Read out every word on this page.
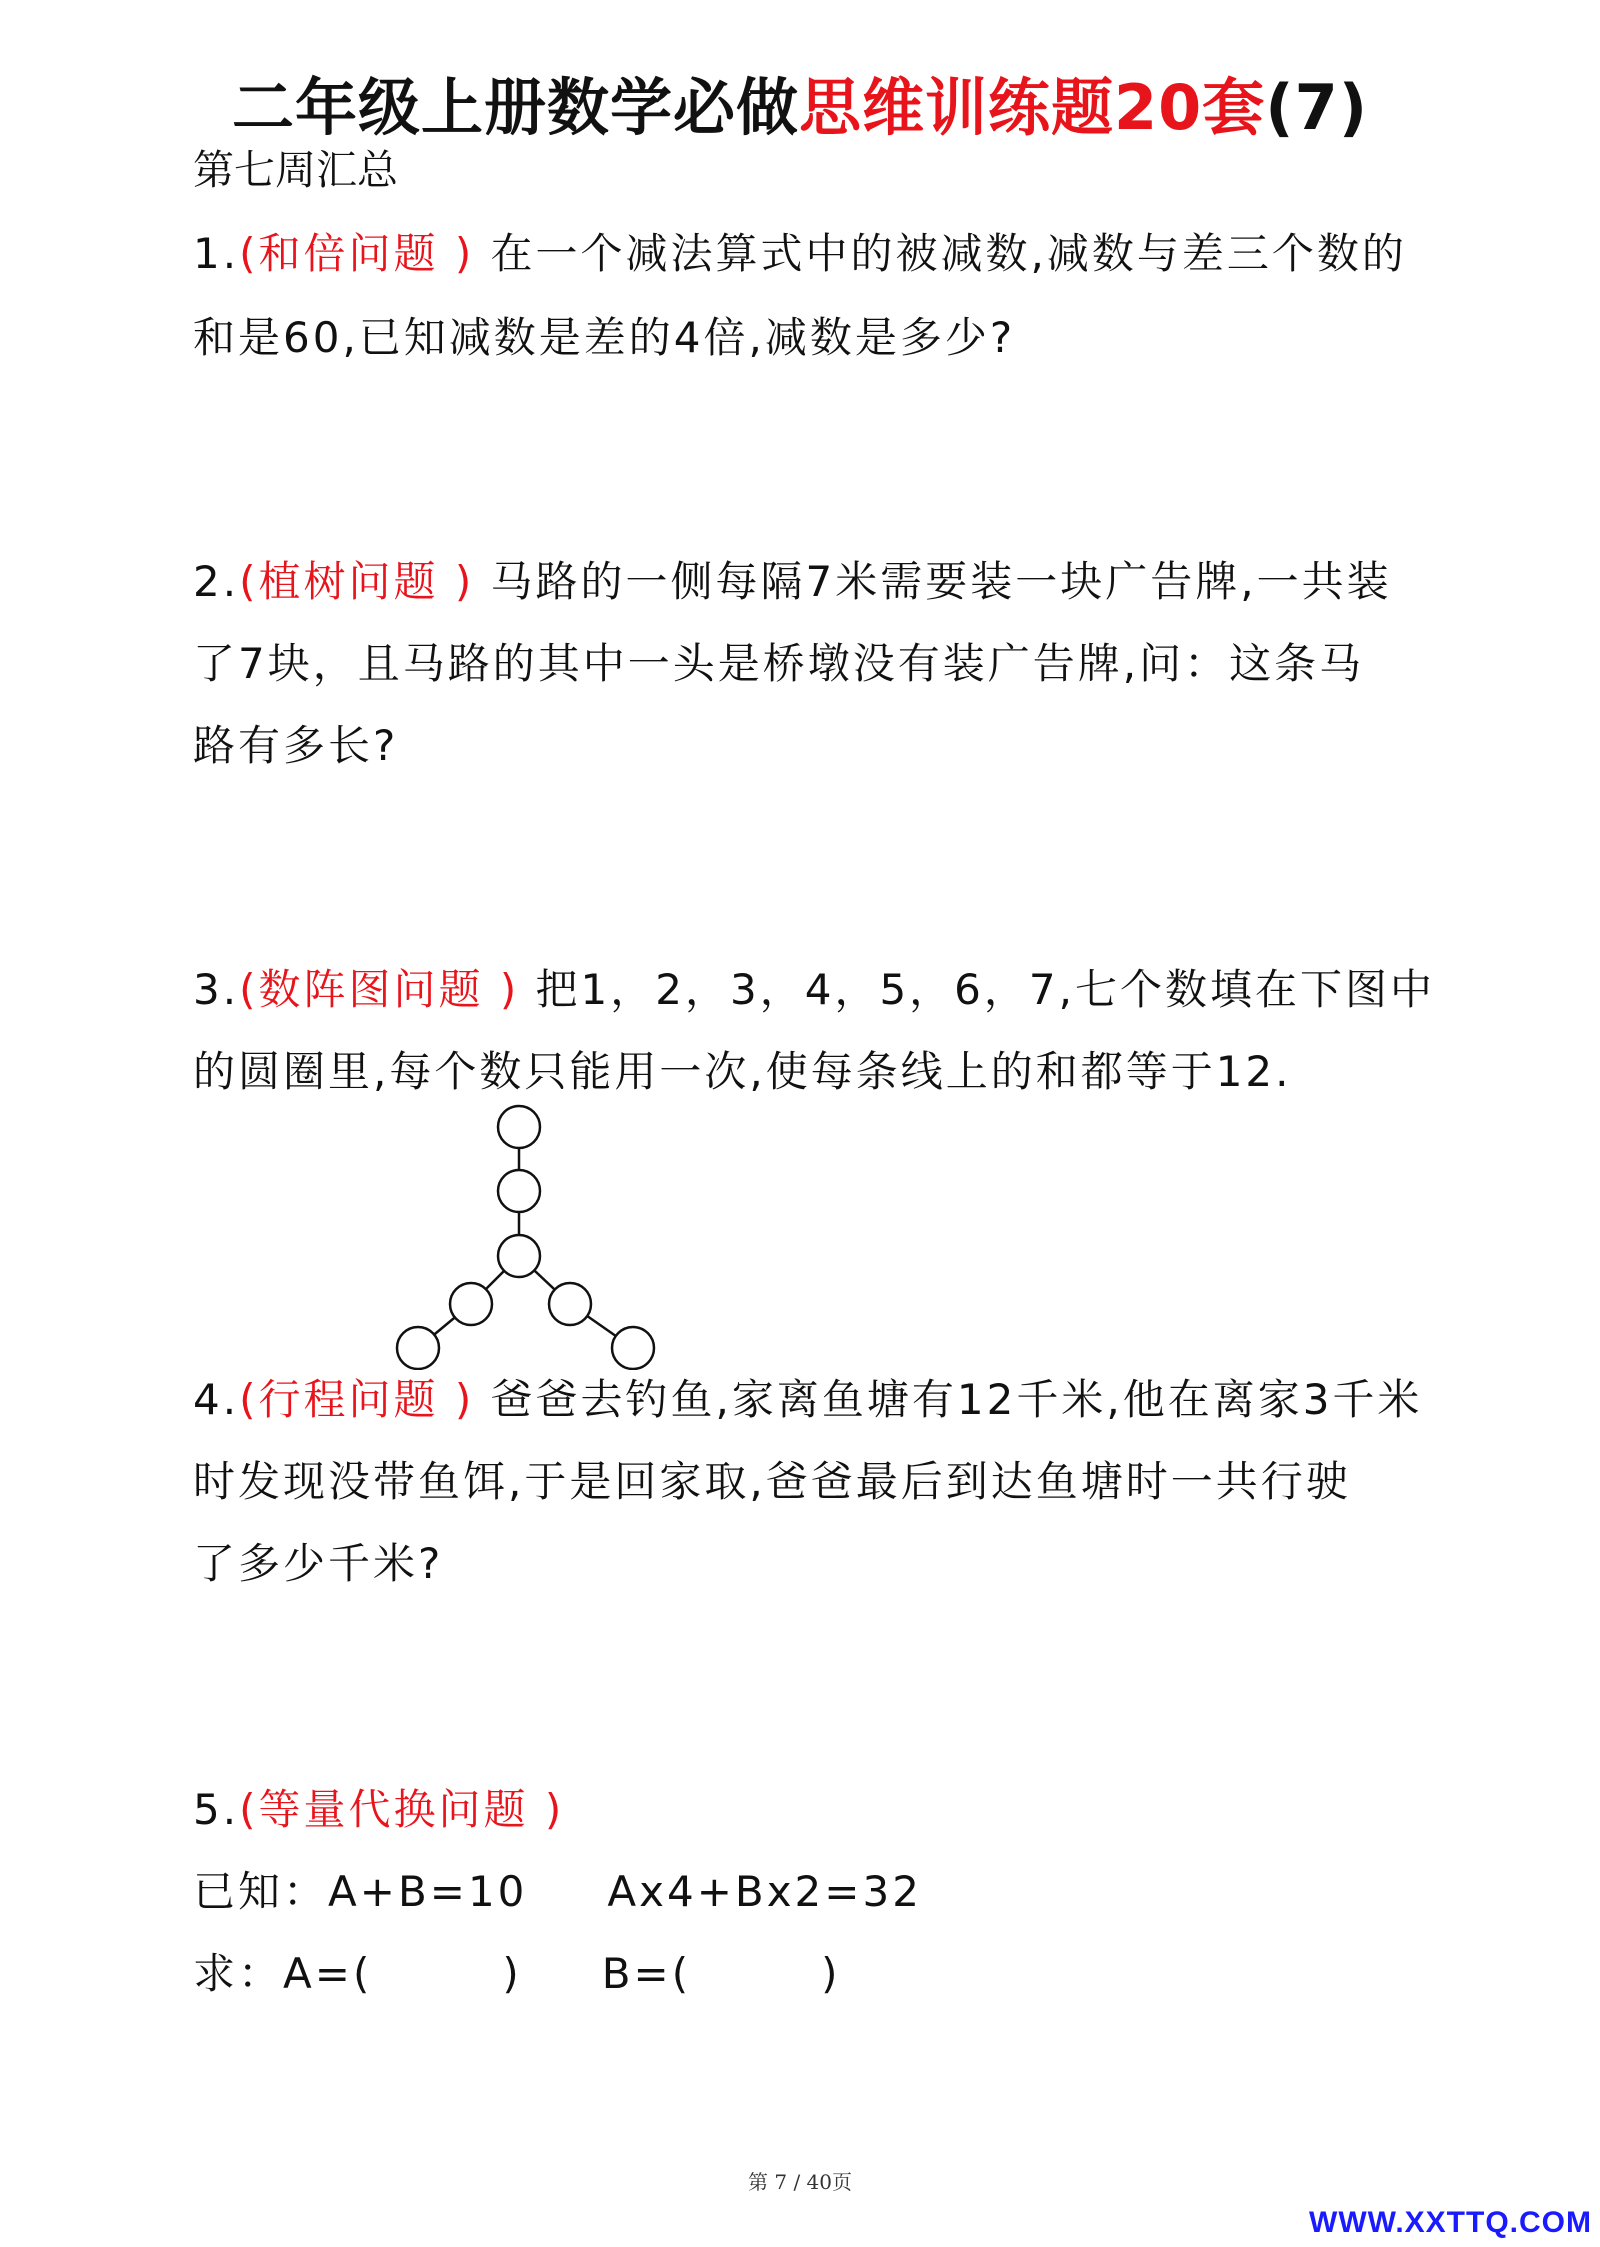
二年级上册数学必做思维训练题20套(7)
第七周汇总
1.(和倍问题 ) 在一个减法算式中的被减数,减数与差三个数的
和是60,已知减数是差的4倍,减数是多少?
2.(植树问题 ) 马路的一侧每隔7米需要装一块广告牌,一共装
了7块，且马路的其中一头是桥墩没有装广告牌,问：这条马
路有多长?
3.(数阵图问题 ) 把1，2，3，4，5，6，7,七个数填在下图中
的圆圈里,每个数只能用一次,使每条线上的和都等于12.
4.(行程问题 ) 爸爸去钓鱼,家离鱼塘有12千米,他在离家3千米
时发现没带鱼饵,于是回家取,爸爸最后到达鱼塘时一共行驶
了多少千米?
5.(等量代换问题 )
已知：A+B=10 Ax4+Bx2=32
求：A=(	) B=(	)
第 7 / 40页
WWW.XXTTQ.COM
